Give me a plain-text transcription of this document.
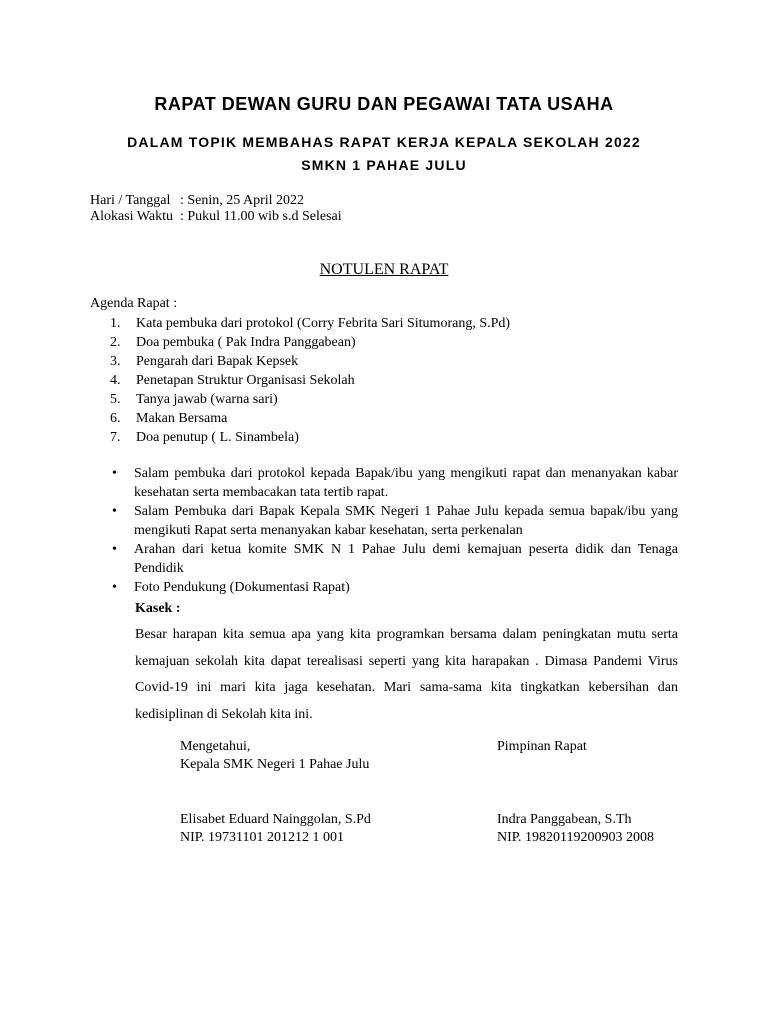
RAPAT DEWAN GURU DAN PEGAWAI TATA USAHA
DALAM TOPIK MEMBAHAS RAPAT KERJA KEPALA SEKOLAH 2022
SMKN 1 PAHAE JULU
Hari / Tanggal : Senin, 25 April 2022
Alokasi Waktu : Pukul 11.00 wib s.d Selesai
NOTULEN RAPAT
Agenda Rapat :
1. Kata pembuka dari protokol (Corry Febrita Sari Situmorang, S.Pd)
2. Doa pembuka ( Pak Indra Panggabean)
3. Pengarah dari Bapak Kepsek
4. Penetapan Struktur Organisasi Sekolah
5. Tanya jawab (warna sari)
6. Makan Bersama
7. Doa penutup ( L. Sinambela)
• Salam pembuka dari protokol kepada Bapak/ibu yang mengikuti rapat dan menanyakan kabar kesehatan serta membacakan tata tertib rapat.
• Salam Pembuka dari Bapak Kepala SMK Negeri 1 Pahae Julu kepada semua bapak/ibu yang mengikuti Rapat serta menanyakan kabar kesehatan, serta perkenalan
• Arahan dari ketua komite SMK N 1 Pahae Julu demi kemajuan peserta didik dan Tenaga Pendidik
• Foto Pendukung (Dokumentasi Rapat)
Kasek :

Besar harapan kita semua apa yang kita programkan bersama dalam peningkatan mutu serta kemajuan sekolah kita dapat terealisasi seperti yang kita harapakan . Dimasa Pandemi Virus Covid-19 ini mari kita jaga kesehatan. Mari sama-sama kita tingkatkan kebersihan dan kedisiplinan di Sekolah kita ini.

Mengetahui,
Kepala SMK Negeri 1 Pahae Julu
Pimpinan Rapat
Elisabet Eduard Nainggolan, S.Pd
NIP. 19731101 201212 1 001
Indra Panggabean, S.Th
NIP. 19820119200903 2008
